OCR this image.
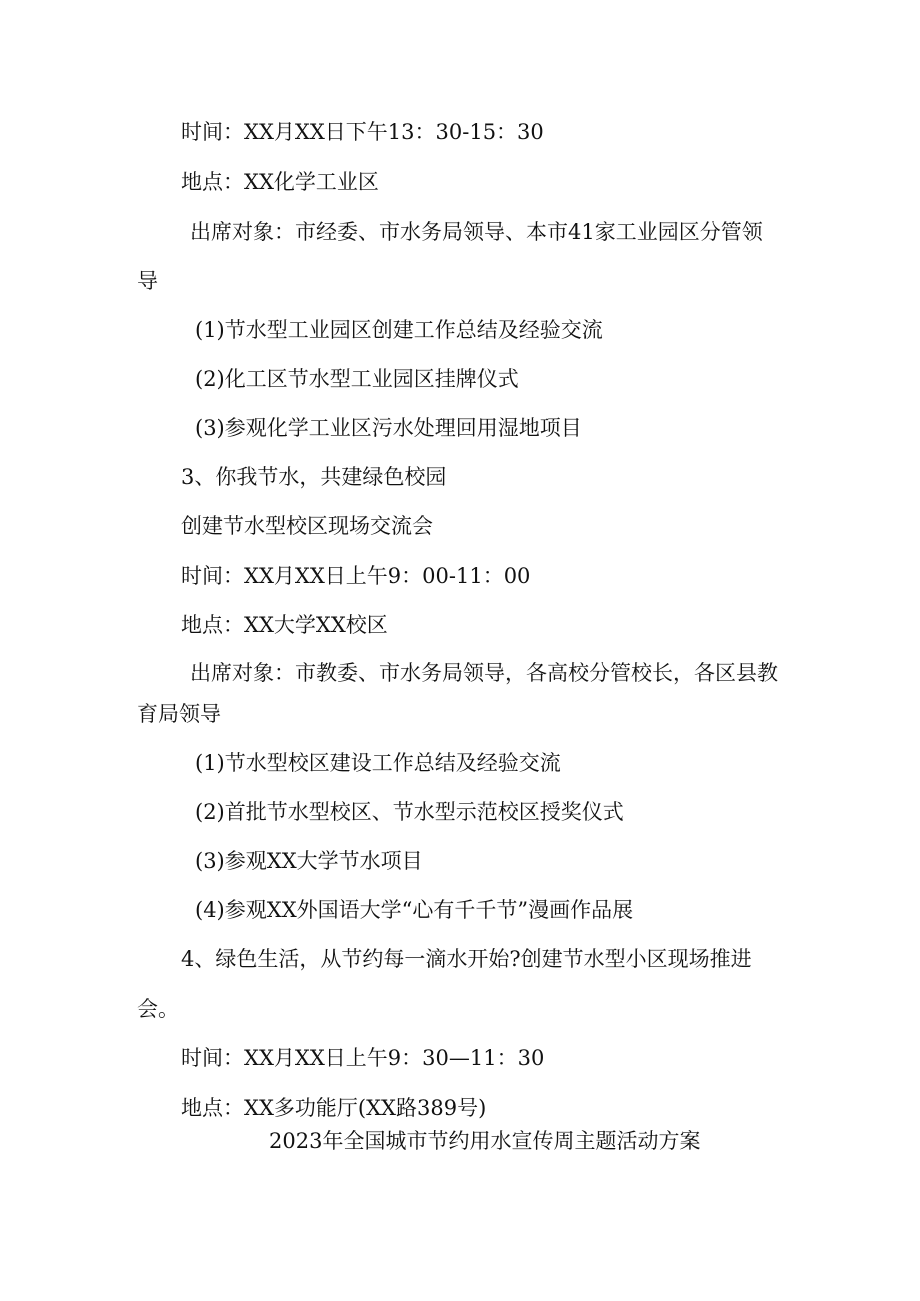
时间：XX月XX日下午13：30-15：30
地点：XX化学工业区
出席对象：市经委、市水务局领导、本市41家工业园区分管领
导
(1)节水型工业园区创建工作总结及经验交流
(2)化工区节水型工业园区挂牌仪式
(3)参观化学工业区污水处理回用湿地项目
3、你我节水，共建绿色校园
创建节水型校区现场交流会
时间：XX月XX日上午9：00-11：00
地点：XX大学XX校区
出席对象：市教委、市水务局领导，各高校分管校长，各区县教
育局领导
(1)节水型校区建设工作总结及经验交流
(2)首批节水型校区、节水型示范校区授奖仪式
(3)参观XX大学节水项目
(4)参观XX外国语大学“心有千千节”漫画作品展
4、绿色生活，从节约每一滴水开始?创建节水型小区现场推进
会。
时间：XX月XX日上午9：30—11：30
地点：XX多功能厅(XX路389号)
2023年全国城市节约用水宣传周主题活动方案
